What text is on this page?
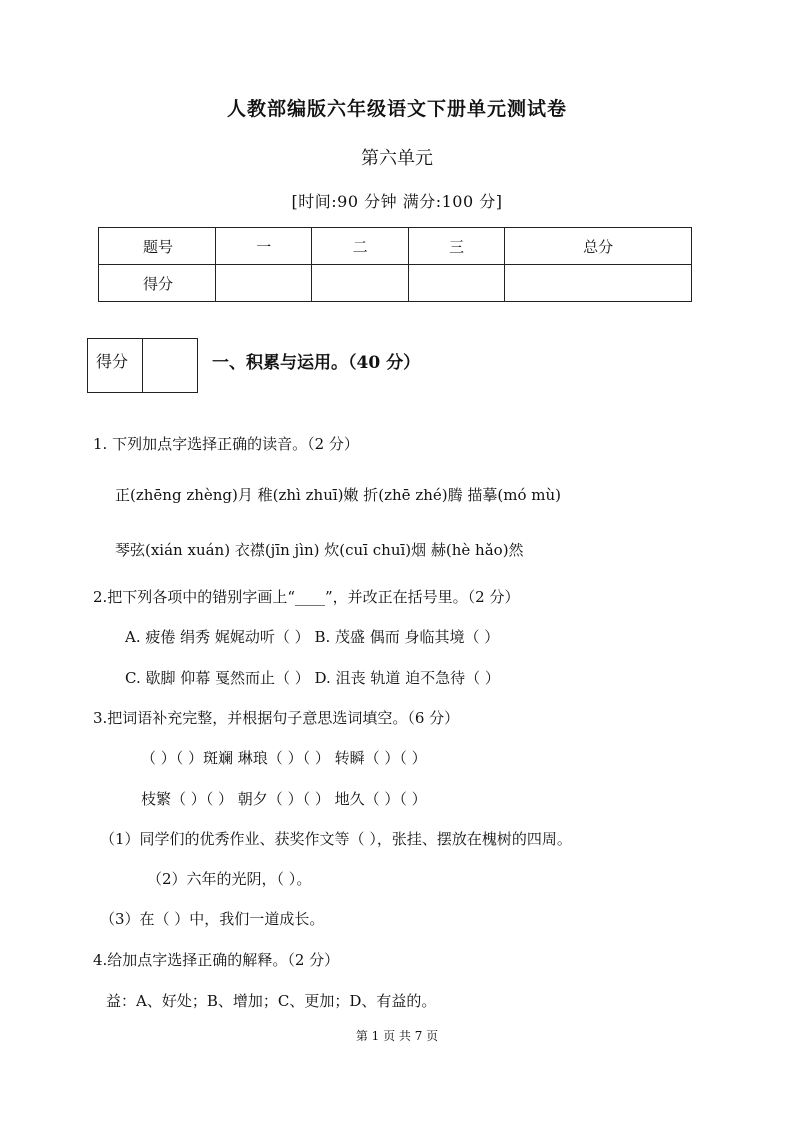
人教部编版六年级语文下册单元测试卷
第六单元
[时间:90 分钟 满分:100 分]
题号	一	二	三	总分
得分				
得分	一、积累与运用。（40 分）
1. 下列加点字选择正确的读音。（2 分）
正(zhēng zhèng)月 稚(zhì zhuī)嫩 折(zhē zhé)腾 描摹(mó mù)
琴弦(xián xuán) 衣襟(jīn jìn) 炊(cuī chuī)烟 赫(hè hǎo)然
2.把下列各项中的错别字画上“____”，并改正在括号里。（2 分）
A. 疲倦 绢秀 娓娓动听（ ） B. 茂盛 偶而 身临其境（ ）
C. 歇脚 仰幕 戛然而止（ ） D. 沮丧 轨道 迫不急待（ ）
3.把词语补充完整，并根据句子意思选词填空。（6 分）
（ ）（ ）斑斓 琳琅（ ）（ ） 转瞬（ ）（ ）
枝繁（ ）（ ） 朝夕（ ）（ ） 地久（ ）（ ）
（1）同学们的优秀作业、获奖作文等（ ），张挂、摆放在槐树的四周。
（2）六年的光阴，（ ）。
（3）在（ ）中，我们一道成长。
4.给加点字选择正确的解释。（2 分）
益：A、好处；B、增加；C、更加；D、有益的。
第 1 页 共 7 页
